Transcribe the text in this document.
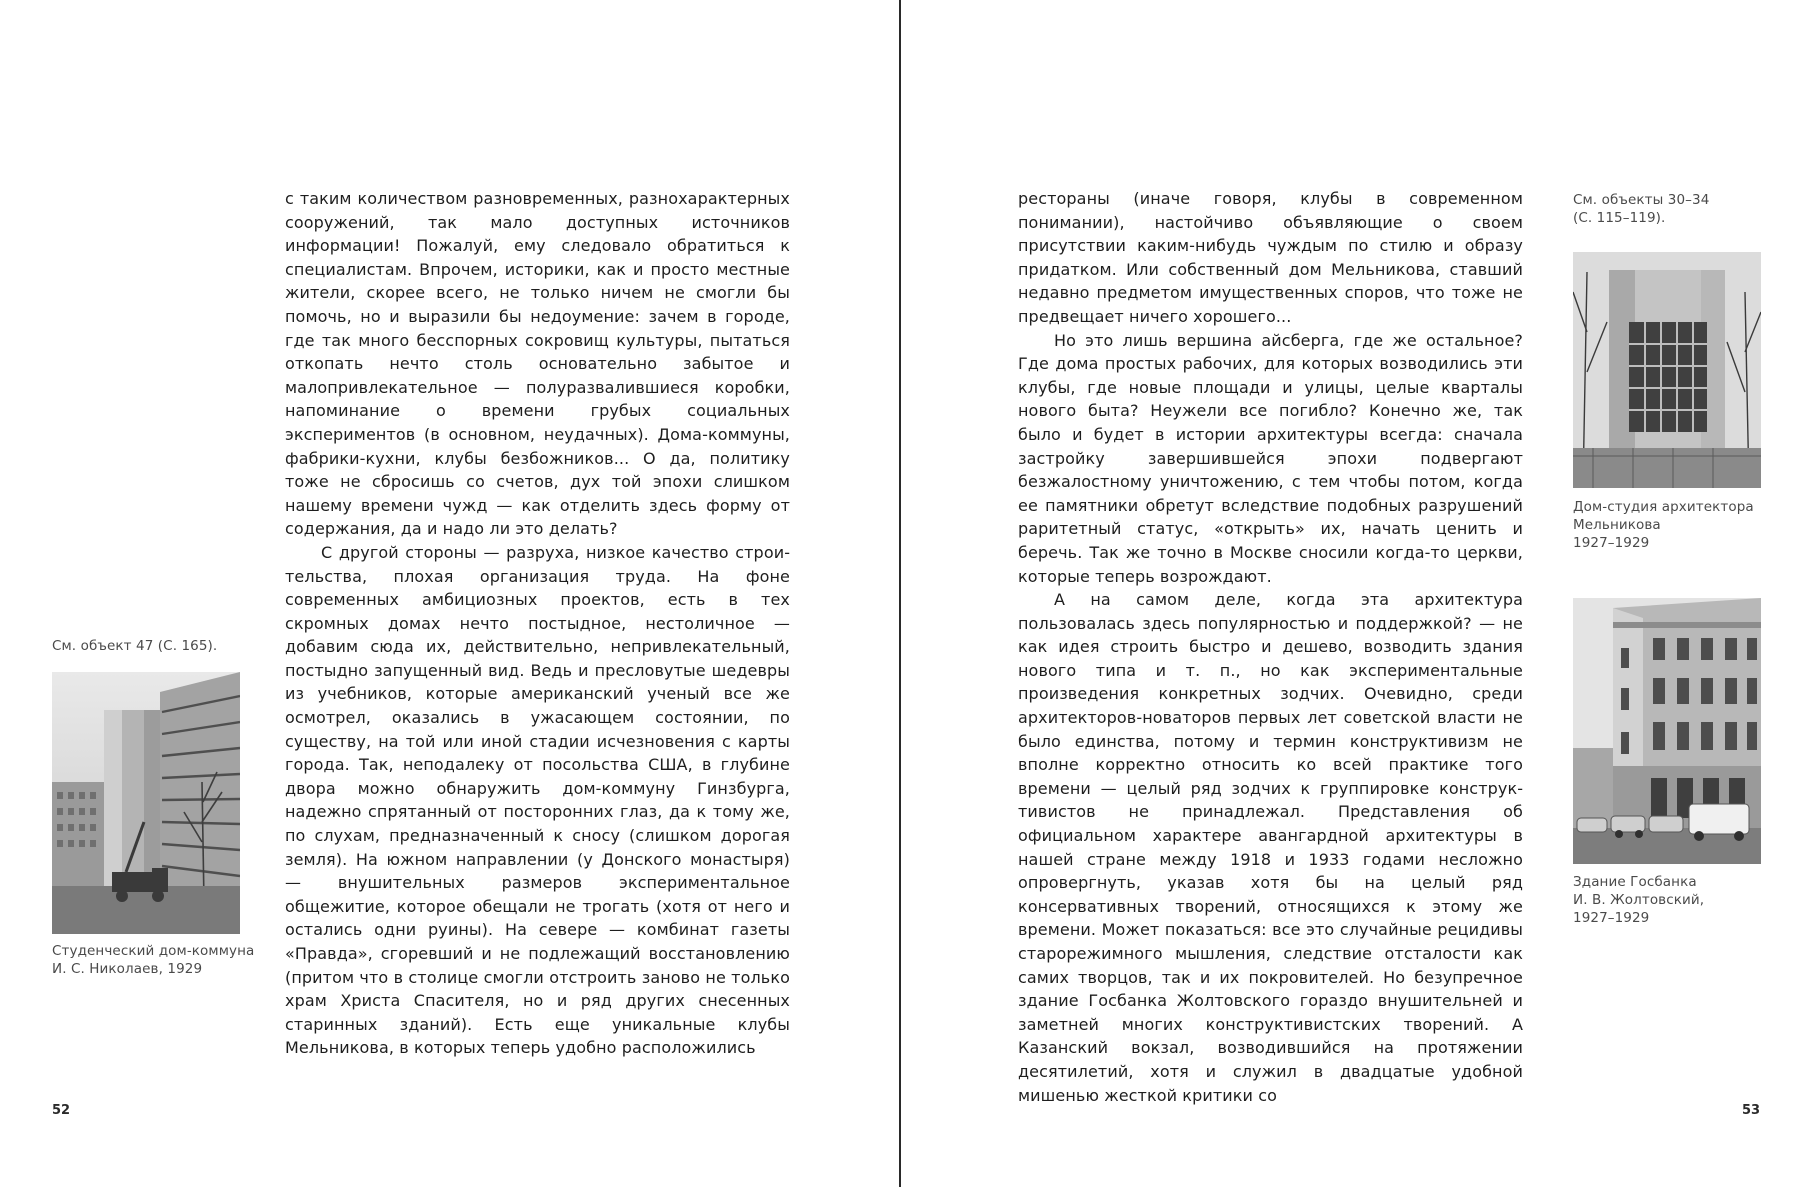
См. объект 47 (С. 165).
Студенческий дом-коммуна
И. С. Николаев, 1929

с таким количеством разновременных, разнохарактерных сооружений, так мало доступных источников информации! Пожалуй, ему следовало обратиться к специалистам. Впрочем, историки, как и просто местные жители, скорее всего, не только ничем не смогли бы помочь, но и выразили бы недоумение: зачем в городе, где так много бесспорных сокровищ культуры, пытаться откопать нечто столь основательно забытое и малопривлекательное — полуразвалившиеся коробки, напоминание о времени грубых социальных экспериментов (в основном, неудачных). Дома-коммуны, фабрики-кухни, клубы безбожников... О да, политику тоже не сбросишь со счетов, дух той эпохи слишком нашему времени чужд — как отделить здесь форму от содержания, да и надо ли это делать?

С другой стороны — разруха, низкое качество строительства, плохая организация труда. На фоне современных амбициозных проектов, есть в тех скромных домах нечто постыдное, нестоличное — добавим сюда их, действительно, непривлекательный, постыдно запущенный вид. Ведь и пресловутые шедевры из учебников, которые американский ученый все же осмотрел, оказались в ужасающем состоянии, по существу, на той или иной стадии исчезновения с карты города. Так, неподалеку от посольства США, в глубине двора можно обнаружить дом-коммуну Гинзбурга, надежно спрятанный от посторонних глаз, да к тому же, по слухам, предназначенный к сносу (слишком дорогая земля). На южном направлении (у Донского монастыря) — внушительных размеров экспериментальное общежитие, которое обещали не трогать (хотя от него и остались одни руины). На севере — комбинат газеты «Правда», сгоревший и не подлежащий восстановлению (притом что в столице смогли отстроить заново не только храм Христа Спасителя, но и ряд других снесенных старинных зданий). Есть еще уникальные клубы Мельникова, в которых теперь удобно расположились

52

рестораны (иначе говоря, клубы в современном понимании), настойчиво объявляющие о своем присутствии каким-нибудь чуждым по стилю и образу придатком. Или собственный дом Мельникова, ставший недавно предметом имущественных споров, что тоже не предвещает ничего хорошего...

Но это лишь вершина айсберга, где же остальное? Где дома простых рабочих, для которых возводились эти клубы, где новые площади и улицы, целые кварталы нового быта? Неужели все погибло? Конечно же, так было и будет в истории архитектуры всегда: сначала застройку завершившейся эпохи подвергают безжалостному уничтожению, с тем чтобы потом, когда ее памятники обретут вследствие подобных разрушений раритетный статус, «открыть» их, начать ценить и беречь. Так же точно в Москве сносили когда-то церкви, которые теперь возрождают.

А на самом деле, когда эта архитектура пользовалась здесь популярностью и поддержкой? — не как идея строить быстро и дешево, возводить здания нового типа и т. п., но как экспериментальные произведения конкретных зодчих. Очевидно, среди архитекторов-новаторов первых лет советской власти не было единства, потому и термин конструктивизм не вполне корректно относить ко всей практике того времени — целый ряд зодчих к группировке конструктивистов не принадлежал. Представления об официальном характере авангардной архитектуры в нашей стране между 1918 и 1933 годами несложно опровергнуть, указав хотя бы на целый ряд консервативных творений, относящихся к этому же времени. Может показаться: все это случайные рецидивы старорежимного мышления, следствие отсталости как самих творцов, так и их покровителей. Но безупречное здание Госбанка Жолтовского гораздо внушительней и заметней многих конструктивистских творений. А Казанский вокзал, возводившийся на протяжении десятилетий, хотя и служил в двадцатые удобной мишенью жесткой критики со

См. объекты 30–34
(С. 115–119).
Дом-студия архитектора
Мельникова
1927–1929
Здание Госбанка
И. В. Жолтовский,
1927–1929
53
